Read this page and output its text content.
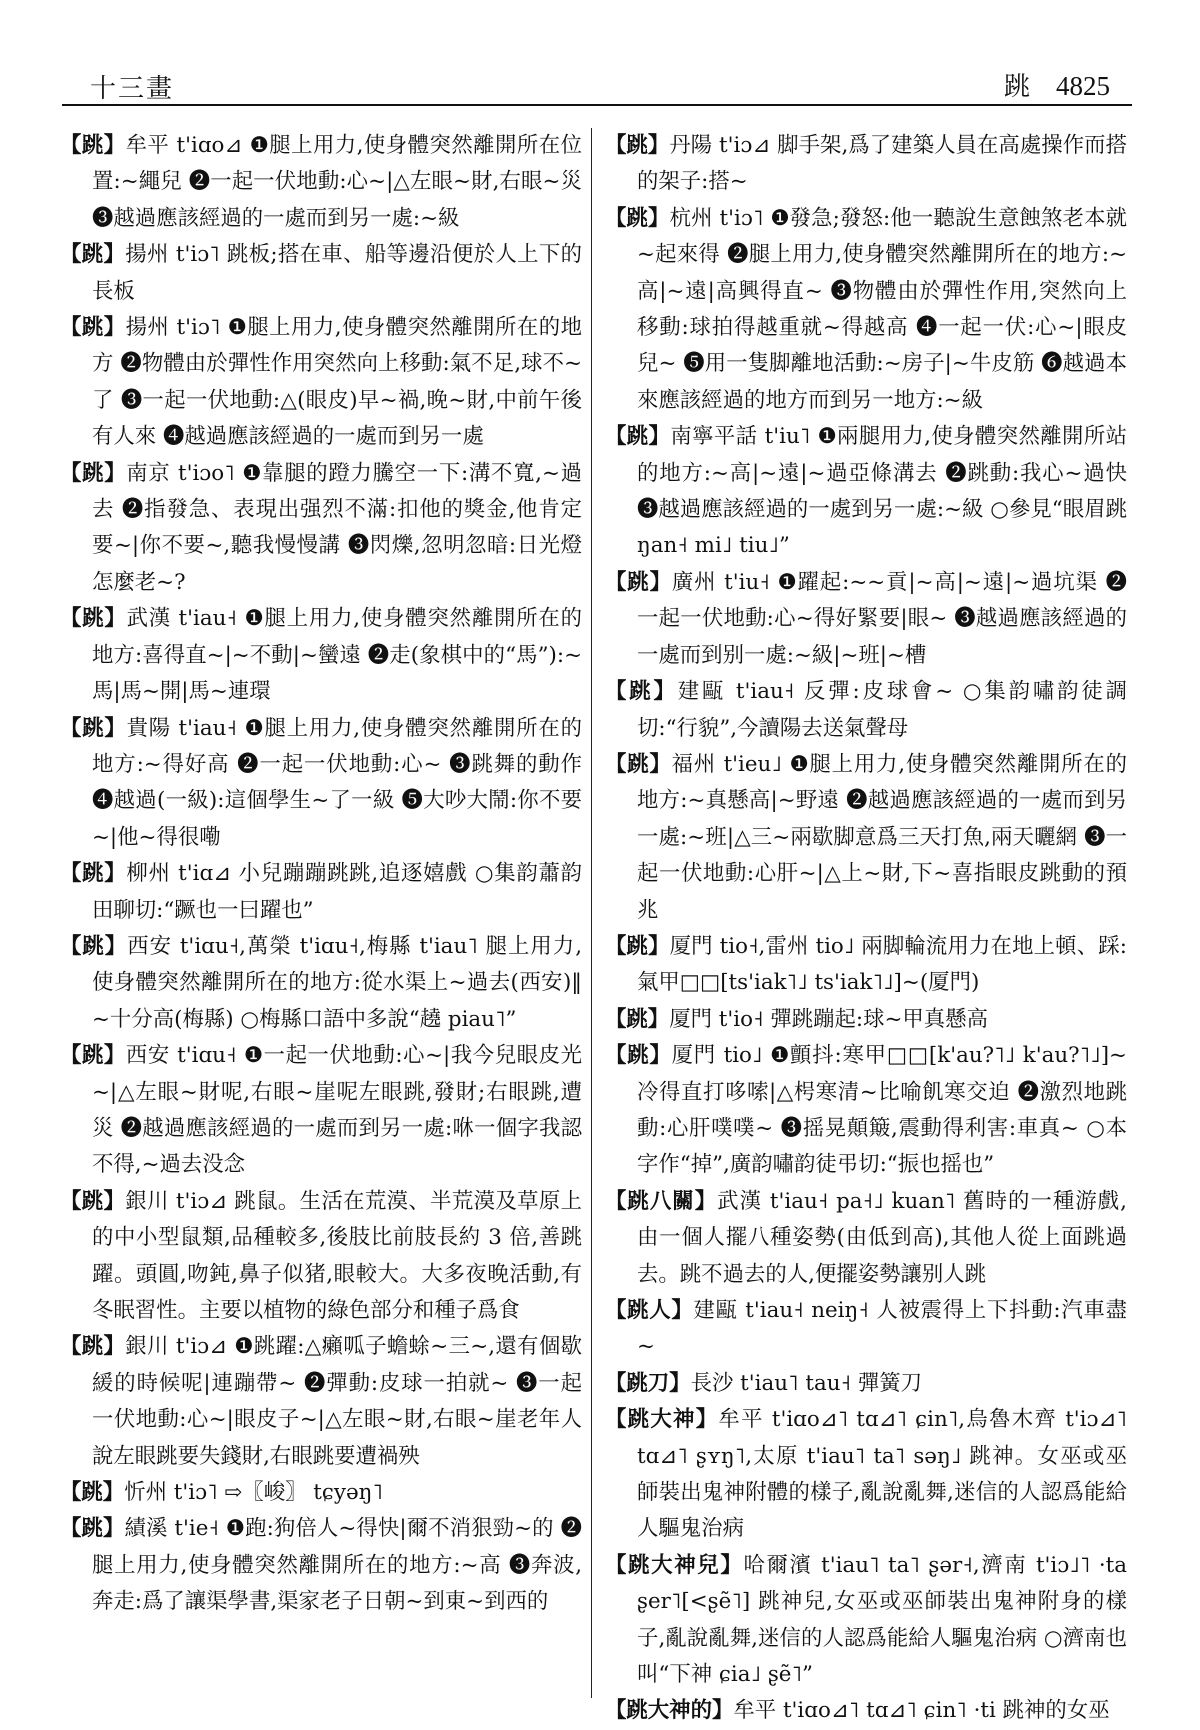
十三畫	跳 4825

【跳】牟平 t'iɑo⊿ ❶腿上用力,使身體突然離開所在位置:~繩兒 ❷一起一伏地動:心~|△左眼~財,右眼~災 ❸越過應該經過的一處而到另一處:~級

【跳】揚州 t'iɔ˥ 跳板;搭在車、船等邊沿便於人上下的長板

【跳】揚州 t'iɔ˥ ❶腿上用力,使身體突然離開所在的地方 ❷物體由於彈性作用突然向上移動:氣不足,球不~了 ❸一起一伏地動:△(眼皮)早~禍,晚~財,中前午後有人來 ❹越過應該經過的一處而到另一處

【跳】南京 t'iɔo˥ ❶靠腿的蹬力騰空一下:溝不寬,~過去 ❷指發急、表現出强烈不滿:扣他的獎金,他肯定要~|你不要~,聽我慢慢講 ❸閃爍,忽明忽暗:日光燈怎麼老~?

【跳】武漢 t'iau˧ ❶腿上用力,使身體突然離開所在的地方:喜得直~|~不動|~蠻遠 ❷走(象棋中的“馬”):~馬|馬~開|馬~連環

【跳】貴陽 t'iau˧ ❶腿上用力,使身體突然離開所在的地方:~得好高 ❷一起一伏地動:心~ ❸跳舞的動作 ❹越過(一級):這個學生~了一級 ❺大吵大鬧:你不要~|他~得很嘞

【跳】柳州 t'iɑ⊿ 小兒蹦蹦跳跳,追逐嬉戲 ○集韵蕭韵田聊切:“蹶也一曰躍也”

【跳】西安 t'iɑu˧,萬榮 t'iɑu˧,梅縣 t'iau˥ 腿上用力,使身體突然離開所在的地方:從水渠上~過去(西安)‖ ~十分高(梅縣) ○梅縣口語中多說“趬 piau˥”

【跳】西安 t'iɑu˧ ❶一起一伏地動:心~|我今兒眼皮光~|△左眼~財呢,右眼~崖呢左眼跳,發財;右眼跳,遭災 ❷越過應該經過的一處而到另一處:咻一個字我認不得,~過去没念

【跳】銀川 t'iɔ⊿ 跳鼠。生活在荒漠、半荒漠及草原上的中小型鼠類,品種較多,後肢比前肢長約 3 倍,善跳躍。頭圓,吻鈍,鼻子似猪,眼較大。大多夜晚活動,有冬眠習性。主要以植物的綠色部分和種子爲食

【跳】銀川 t'iɔ⊿ ❶跳躍:△癩呱子蟾蜍~三~,還有個歇緩的時候呢|連蹦帶~ ❷彈動:皮球一拍就~ ❸一起一伏地動:心~|眼皮子~|△左眼~財,右眼~崖老年人說左眼跳要失錢財,右眼跳要遭禍殃

【跳】忻州 t'iɔ˥ ⇨〖峻〗 tɕyəŋ˥

【跳】績溪 t'ie˧ ❶跑:狗倍人~得快|爾不消狠勁~的 ❷腿上用力,使身體突然離開所在的地方:~高 ❸奔波,奔走:爲了讓渠學書,渠家老子日朝~到東~到西的

【跳】丹陽 t'iɔ⊿ 脚手架,爲了建築人員在高處操作而搭的架子:搭~

【跳】杭州 t'iɔ˥ ❶發急;發怒:他一聽說生意蝕煞老本就~起來得 ❷腿上用力,使身體突然離開所在的地方:~高|~遠|高興得直~ ❸物體由於彈性作用,突然向上移動:球拍得越重就~得越高 ❹一起一伏:心~|眼皮兒~ ❺用一隻脚離地活動:~房子|~牛皮筋 ❻越過本來應該經過的地方而到另一地方:~級

【跳】南寧平話 t'iu˥ ❶兩腿用力,使身體突然離開所站的地方:~高|~遠|~過亞條溝去 ❷跳動:我心~過快 ❸越過應該經過的一處到另一處:~級 ○參見“眼眉跳 ŋan˧ mi˩ tiu˩”

【跳】廣州 t'iu˧ ❶躍起:~~貢|~高|~遠|~過坑渠 ❷一起一伏地動:心~得好緊要|眼~ ❸越過應該經過的一處而到别一處:~級|~班|~槽

【跳】建甌 t'iau˧ 反彈:皮球會~ ○集韵嘯韵徒調切:“行貌”,今讀陽去送氣聲母

【跳】福州 t'ieu˩ ❶腿上用力,使身體突然離開所在的地方:~真懸高|~野遠 ❷越過應該經過的一處而到另一處:~班|△三~兩歇脚意爲三天打魚,兩天曬網 ❸一起一伏地動:心肝~|△上~財,下~喜指眼皮跳動的預兆

【跳】厦門 tio˧,雷州 tio˩ 兩脚輪流用力在地上頓、踩:氣甲□□[ts'iak˥˩ ts'iak˥˩]~(厦門)

【跳】厦門 t'io˧ 彈跳蹦起:球~甲真懸高

【跳】厦門 tio˩ ❶顫抖:寒甲□□[k'au?˥˩ k'au?˥˩]~冷得直打哆嗦|△枵寒清~比喻飢寒交迫 ❷激烈地跳動:心肝噗噗~ ❸摇晃顛簸,震動得利害:車真~ ○本字作“掉”,廣韵嘯韵徒弔切:“振也摇也”

【跳八關】武漢 t'iau˧ pa˧˩ kuan˥ 舊時的一種游戲,由一個人擺八種姿勢(由低到高),其他人從上面跳過去。跳不過去的人,便擺姿勢讓别人跳

【跳人】建甌 t'iau˧ neiŋ˧ 人被震得上下抖動:汽車盡~

【跳刀】長沙 t'iau˥ tau˧ 彈簧刀

【跳大神】牟平 t'iɑo⊿˥ tɑ⊿˥ ɕin˥,烏魯木齊 t'iɔ⊿˥ tɑ⊿˥ ʂʏŋ˥,太原 t'iau˥ ta˥ səŋ˩ 跳神。女巫或巫師裝出鬼神附體的樣子,亂說亂舞,迷信的人認爲能給人驅鬼治病

【跳大神兒】哈爾濱 t'iau˥ ta˥ ʂər˧,濟南 t'iɔ˩˥ ·ta ʂer˥[<ʂẽ˥] 跳神兒,女巫或巫師裝出鬼神附身的樣子,亂說亂舞,迷信的人認爲能給人驅鬼治病 ○濟南也叫“下神 ɕia˩ ʂẽ˥”

【跳大神的】牟平 t'iɑo⊿˥ tɑ⊿˥ ɕin˥ ·ti 跳神的女巫
